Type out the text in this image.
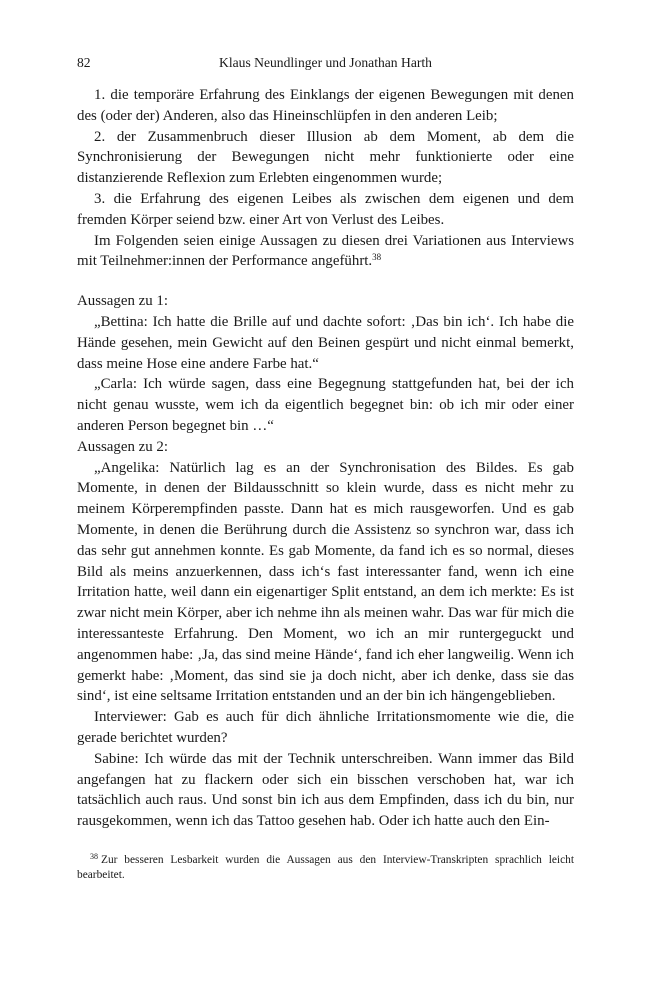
82	Klaus Neundlinger und Jonathan Harth

1. die temporäre Erfahrung des Einklangs der eigenen Bewegungen mit denen des (oder der) Anderen, also das Hineinschlüpfen in den anderen Leib;

2. der Zusammenbruch dieser Illusion ab dem Moment, ab dem die Synchronisierung der Bewegungen nicht mehr funktionierte oder eine distanzierende Reflexion zum Erlebten eingenommen wurde;

3. die Erfahrung des eigenen Leibes als zwischen dem eigenen und dem fremden Körper seiend bzw. einer Art von Verlust des Leibes.

Im Folgenden seien einige Aussagen zu diesen drei Variationen aus Interviews mit Teilnehmer:innen der Performance angeführt.$^{38}$

Aussagen zu 1:

„Bettina: Ich hatte die Brille auf und dachte sofort: ‚Das bin ich‘. Ich habe die Hände gesehen, mein Gewicht auf den Beinen gespürt und nicht einmal bemerkt, dass meine Hose eine andere Farbe hat.“

„Carla: Ich würde sagen, dass eine Begegnung stattgefunden hat, bei der ich nicht genau wusste, wem ich da eigentlich begegnet bin: ob ich mir oder einer anderen Person begegnet bin …“

Aussagen zu 2:

„Angelika: Natürlich lag es an der Synchronisation des Bildes. Es gab Momente, in denen der Bildausschnitt so klein wurde, dass es nicht mehr zu meinem Körperempfinden passte. Dann hat es mich rausgeworfen. Und es gab Momente, in denen die Berührung durch die Assistenz so synchron war, dass ich das sehr gut annehmen konnte. Es gab Momente, da fand ich es so normal, dieses Bild als meins anzuerkennen, dass ich‘s fast interessanter fand, wenn ich eine Irritation hatte, weil dann ein eigenartiger Split entstand, an dem ich merkte: Es ist zwar nicht mein Körper, aber ich nehme ihn als meinen wahr. Das war für mich die interessanteste Erfahrung. Den Moment, wo ich an mir runtergeguckt und angenommen habe: ‚Ja, das sind meine Hände‘, fand ich eher langweilig. Wenn ich gemerkt habe: ‚Moment, das sind sie ja doch nicht, aber ich denke, dass sie das sind‘, ist eine seltsame Irritation entstanden und an der bin ich hängengeblieben.

Interviewer: Gab es auch für dich ähnliche Irritationsmomente wie die, die gerade berichtet wurden?

Sabine: Ich würde das mit der Technik unterschreiben. Wann immer das Bild angefangen hat zu flackern oder sich ein bisschen verschoben hat, war ich tatsächlich auch raus. Und sonst bin ich aus dem Empfinden, dass ich du bin, nur rausgekommen, wenn ich das Tattoo gesehen hab. Oder ich hatte auch den Ein-

$^{38}$ Zur besseren Lesbarkeit wurden die Aussagen aus den Interview-Transkripten sprachlich leicht bearbeitet.
